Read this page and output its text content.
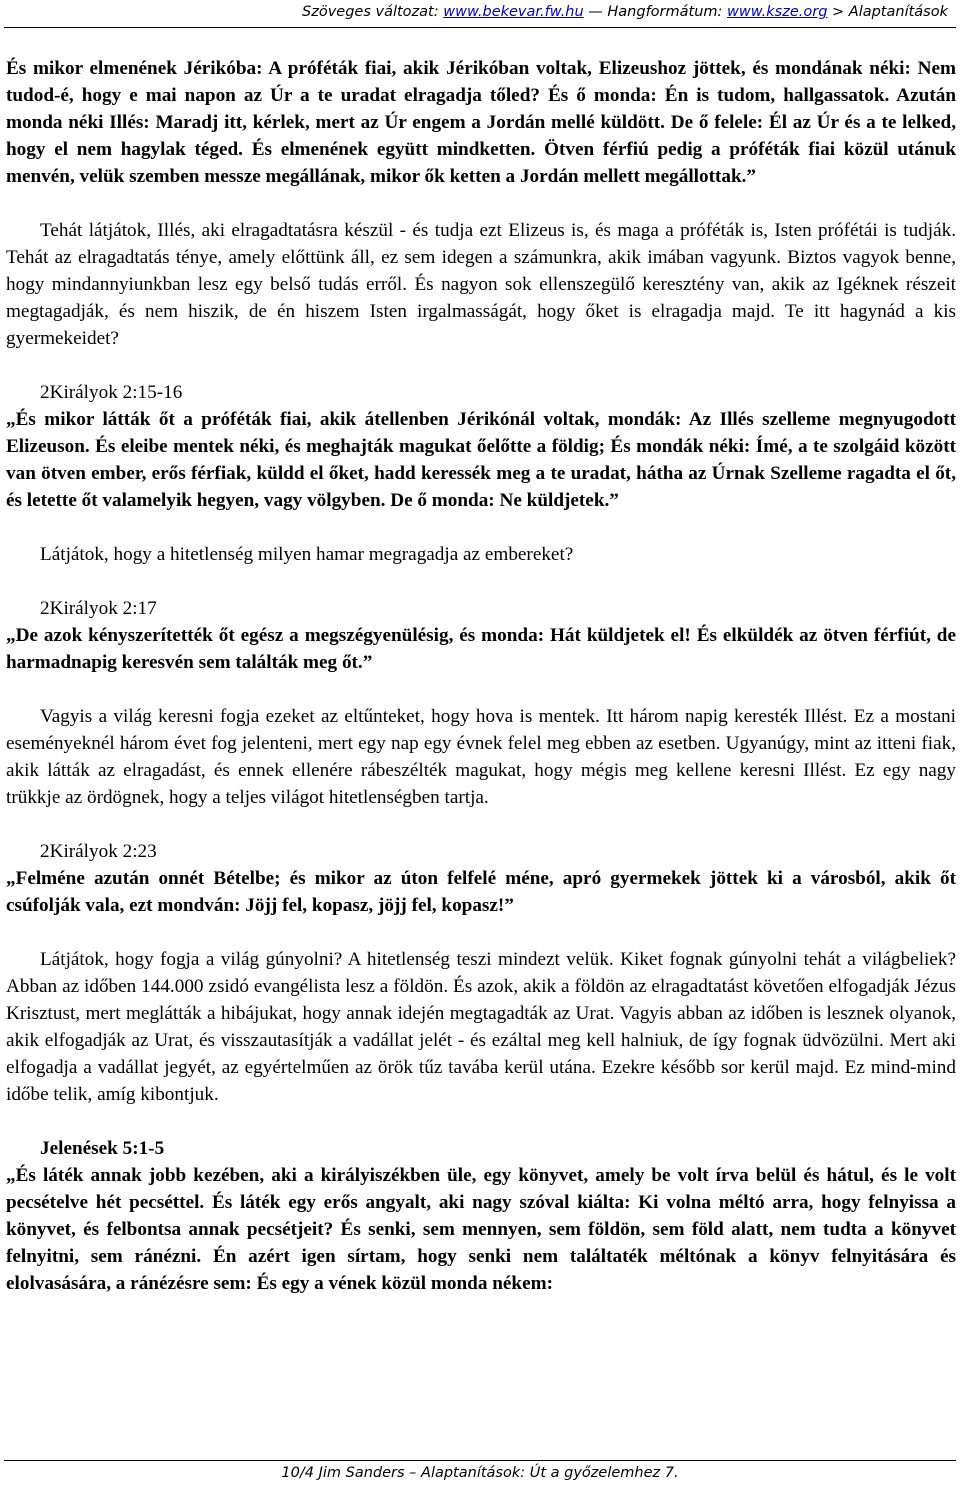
Szöveges változat: www.bekevar.fw.hu — Hangformátum: www.ksze.org > Alaptanítások

És mikor elmenének Jérikóba: A próféták fiai, akik Jérikóban voltak, Elizeushoz jöttek, és mondának néki: Nem tudod-é, hogy e mai napon az Úr a te uradat elragadja tőled? És ő monda: Én is tudom, hallgassatok. Azután monda néki Illés: Maradj itt, kérlek, mert az Úr engem a Jordán mellé küldött. De ő felele: Él az Úr és a te lelked, hogy el nem hagylak téged. És elmenének együtt mindketten. Ötven férfiú pedig a próféták fiai közül utánuk menvén, velük szemben messze megállának, mikor ők ketten a Jordán mellett megállottak.”

Tehát látjátok, Illés, aki elragadtatásra készül - és tudja ezt Elizeus is, és maga a próféták is, Isten prófétái is tudják. Tehát az elragadtatás ténye, amely előttünk áll, ez sem idegen a számunkra, akik imában vagyunk. Biztos vagyok benne, hogy mindannyiunkban lesz egy belső tudás erről. És nagyon sok ellenszegülő keresztény van, akik az Igéknek részeit megtagadják, és nem hiszik, de én hiszem Isten irgalmasságát, hogy őket is elragadja majd. Te itt hagynád a kis gyermekeidet?

2Királyok 2:15-16

„És mikor látták őt a próféták fiai, akik átellenben Jérikónál voltak, mondák: Az Illés szelleme megnyugodott Elizeuson. És eleibe mentek néki, és meghajták magukat őelőtte a földig; És mondák néki: Ímé, a te szolgáid között van ötven ember, erős férfiak, küldd el őket, hadd keressék meg a te uradat, hátha az Úrnak Szelleme ragadta el őt, és letette őt valamelyik hegyen, vagy völgyben. De ő monda: Ne küldjetek.”

Látjátok, hogy a hitetlenség milyen hamar megragadja az embereket?

2Királyok 2:17

„De azok kényszerítették őt egész a megszégyenülésig, és monda: Hát küldjetek el! És elküldék az ötven férfiút, de harmadnapig keresvén sem találták meg őt.”

Vagyis a világ keresni fogja ezeket az eltűnteket, hogy hova is mentek. Itt három napig keresték Illést. Ez a mostani eseményeknél három évet fog jelenteni, mert egy nap egy évnek felel meg ebben az esetben. Ugyanúgy, mint az itteni fiak, akik látták az elragadást, és ennek ellenére rábeszélték magukat, hogy mégis meg kellene keresni Illést. Ez egy nagy trükkje az ördögnek, hogy a teljes világot hitetlenségben tartja.

2Királyok 2:23

„Felméne azután onnét Bételbe; és mikor az úton felfelé méne, apró gyermekek jöttek ki a városból, akik őt csúfolják vala, ezt mondván: Jöjj fel, kopasz, jöjj fel, kopasz!”

Látjátok, hogy fogja a világ gúnyolni? A hitetlenség teszi mindezt velük. Kiket fognak gúnyolni tehát a világbeliek? Abban az időben 144.000 zsidó evangélista lesz a földön. És azok, akik a földön az elragadtatást követően elfogadják Jézus Krisztust, mert meglátták a hibájukat, hogy annak idején megtagadták az Urat. Vagyis abban az időben is lesznek olyanok, akik elfogadják az Urat, és visszautasítják a vadállat jelét - és ezáltal meg kell halniuk, de így fognak üdvözülni. Mert aki elfogadja a vadállat jegyét, az egyértelműen az örök tűz tavába kerül utána. Ezekre később sor kerül majd. Ez mind-mind időbe telik, amíg kibontjuk.

Jelenések 5:1-5

„És láték annak jobb kezében, aki a királyiszékben üle, egy könyvet, amely be volt írva belül és hátul, és le volt pecsételve hét pecséttel. És láték egy erős angyalt, aki nagy szóval kiálta: Ki volna méltó arra, hogy felnyissa a könyvet, és felbontsa annak pecsétjeit? És senki, sem mennyen, sem földön, sem föld alatt, nem tudta a könyvet felnyitni, sem ránézni. Én azért igen sírtam, hogy senki nem találtaték méltónak a könyv felnyitására és elolvasására, a ránézésre sem: És egy a vének közül monda nékem:

10/4 Jim Sanders – Alaptanítások: Út a győzelemhez 7.
